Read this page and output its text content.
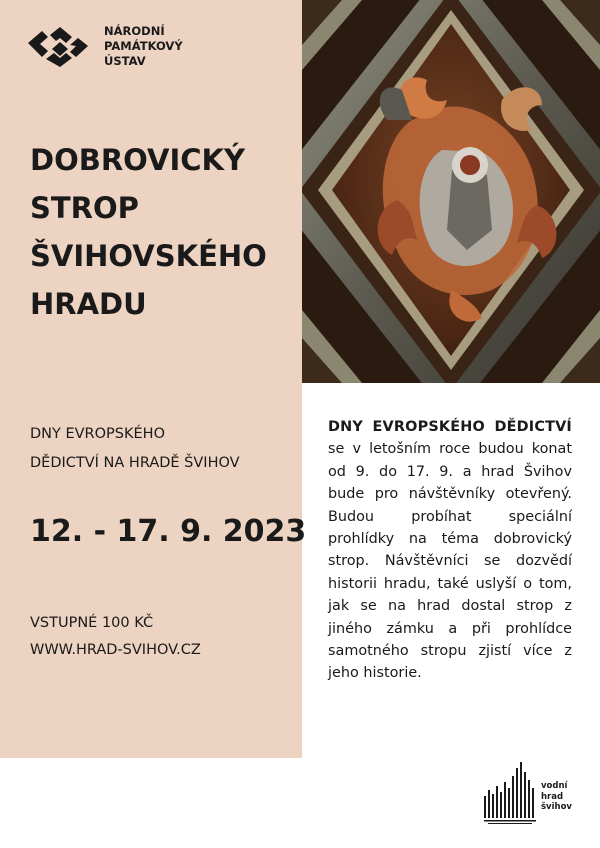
NÁRODNÍ
PAMÁTKOVÝ
ÚSTAV
DOBROVICKÝ
STROP
ŠVIHOVSKÉHO
HRADU
DNY EVROPSKÉHO
DĚDICTVÍ NA HRADĚ ŠVIHOV
12. - 17. 9. 2023
VSTUPNÉ 100 KČ
WWW.HRAD-SVIHOV.CZ
DNY EVROPSKÉHO DĚDICTVÍ se v letošním roce budou konat od 9. do 17. 9. a hrad Švihov bude pro návštěvníky otevřený. Budou probíhat speciální prohlídky na téma dobrovický strop. Návštěvníci se dozvědí historii hradu, také uslyší o tom, jak se na hrad dostal strop z jiného zámku a při prohlídce samotného stropu zjistí více z jeho historie.
vodní
hrad
švihov
